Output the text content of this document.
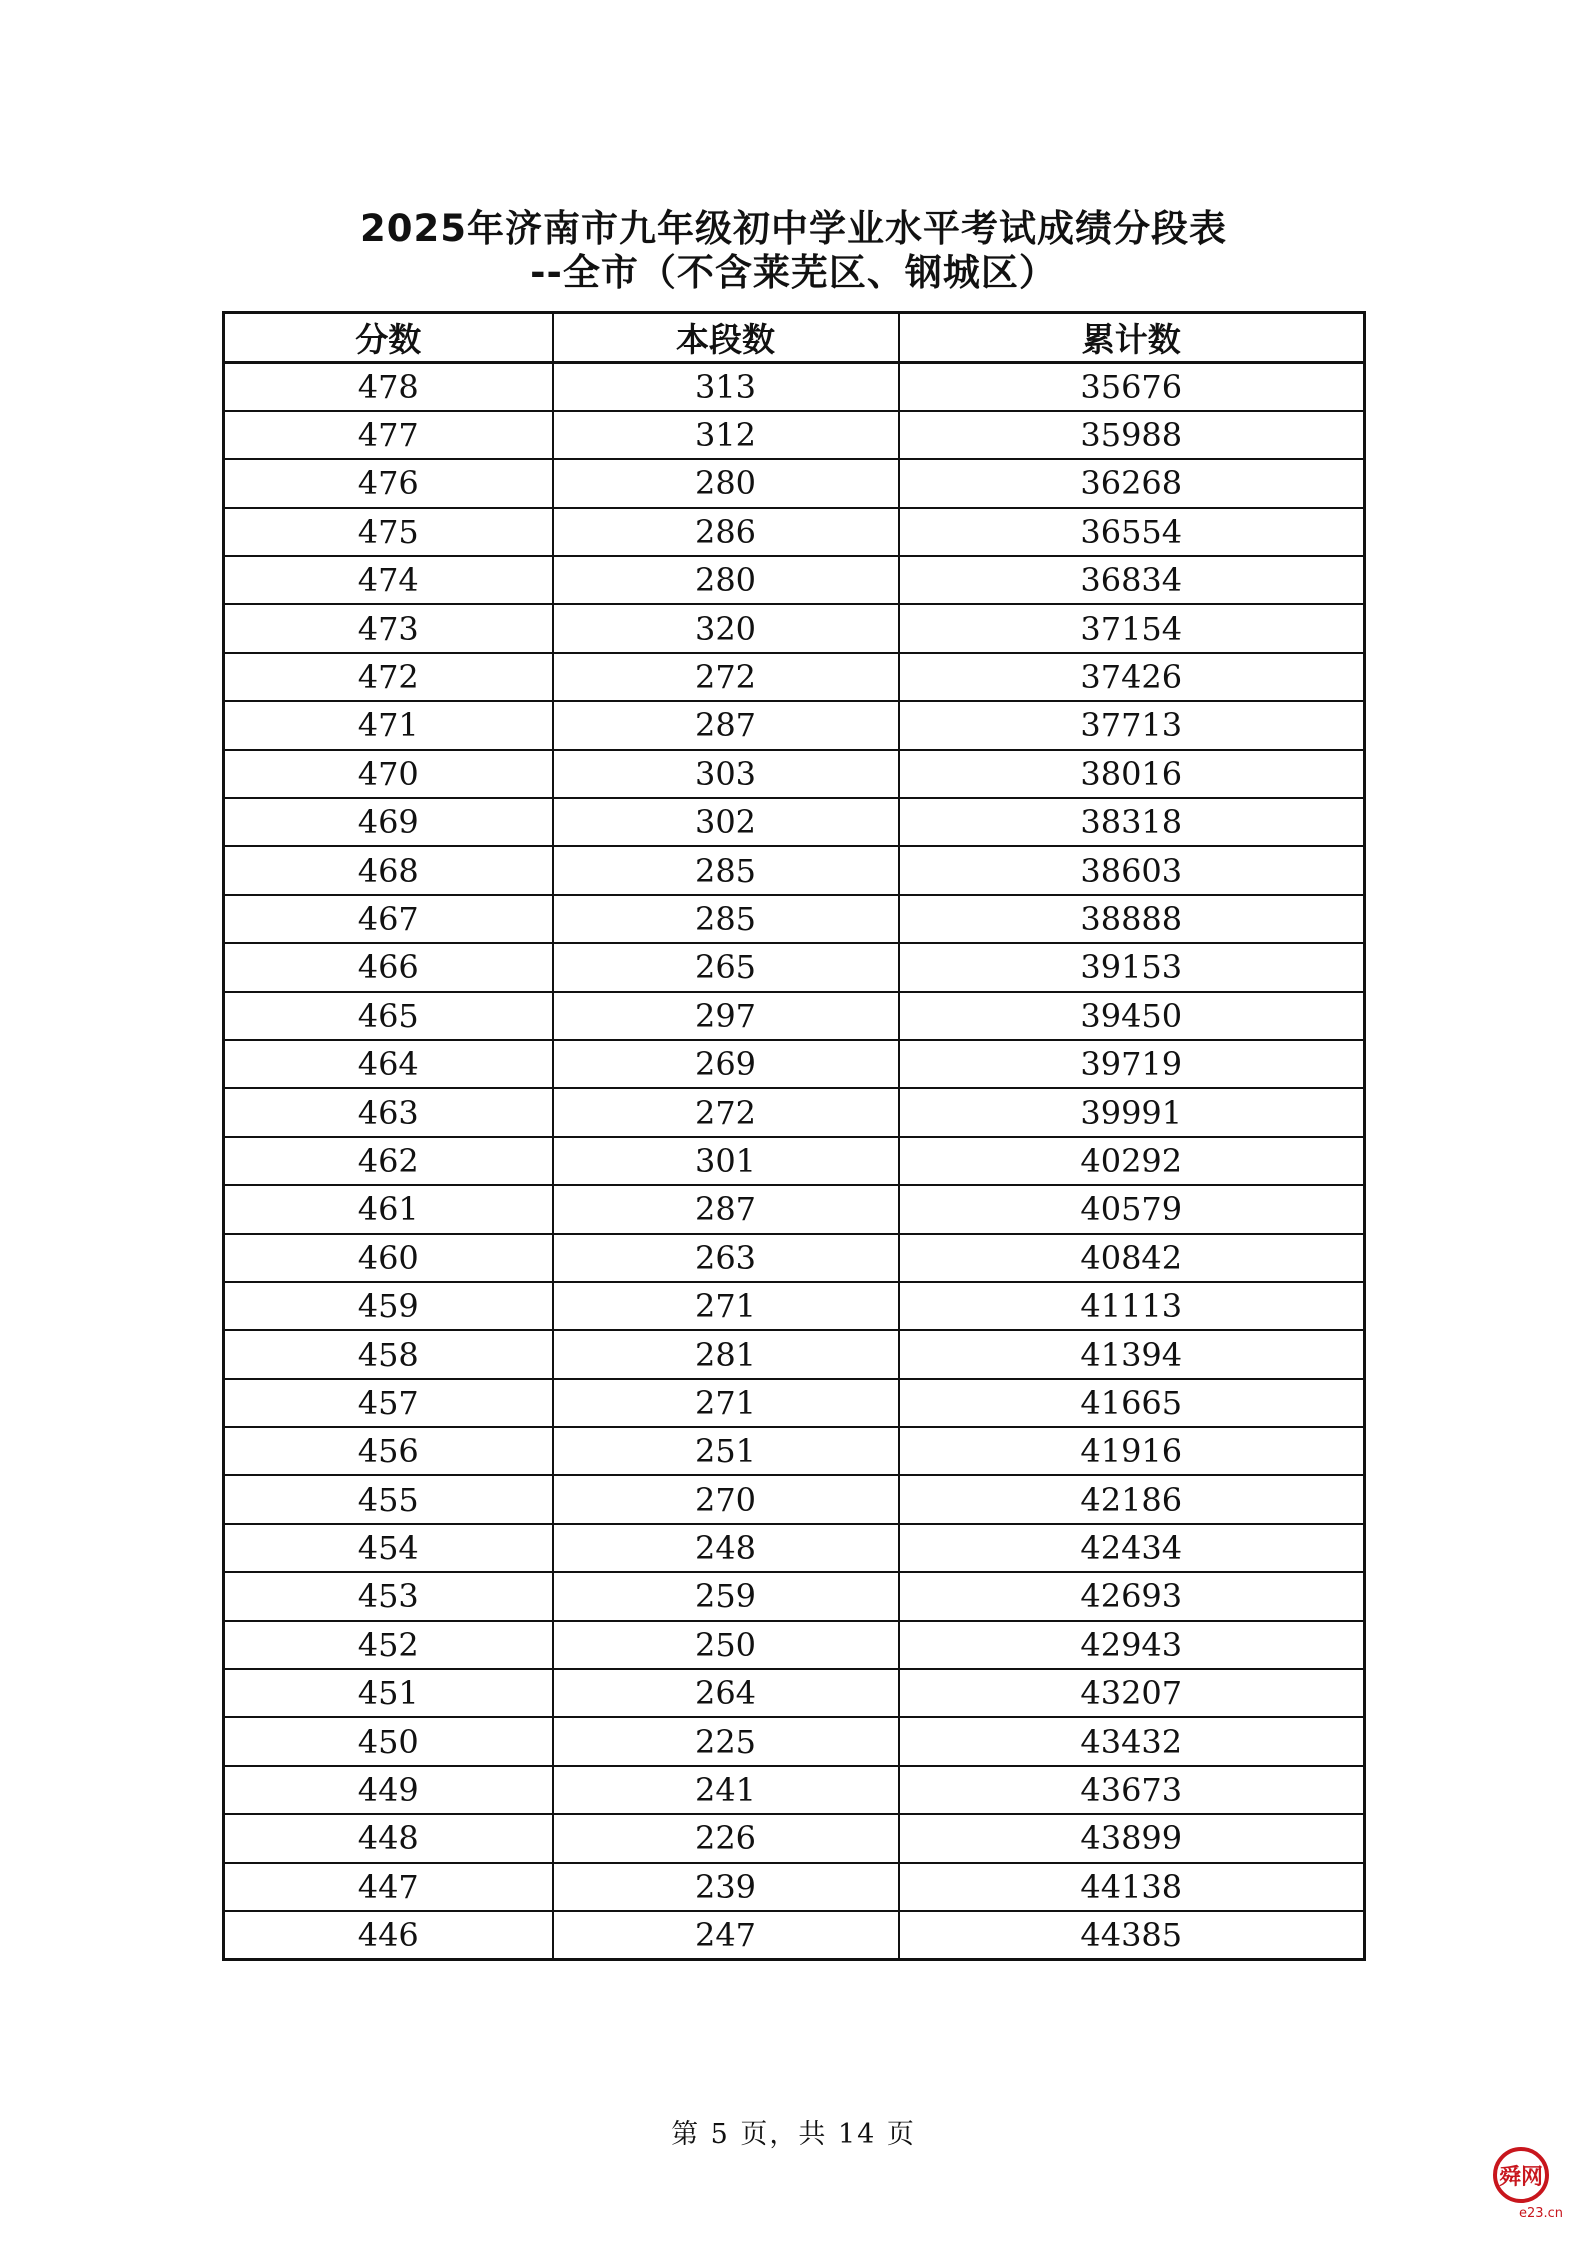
2025年济南市九年级初中学业水平考试成绩分段表
--全市（不含莱芜区、钢城区）
分数	本段数	累计数
478	313	35676
477	312	35988
476	280	36268
475	286	36554
474	280	36834
473	320	37154
472	272	37426
471	287	37713
470	303	38016
469	302	38318
468	285	38603
467	285	38888
466	265	39153
465	297	39450
464	269	39719
463	272	39991
462	301	40292
461	287	40579
460	263	40842
459	271	41113
458	281	41394
457	271	41665
456	251	41916
455	270	42186
454	248	42434
453	259	42693
452	250	42943
451	264	43207
450	225	43432
449	241	43673
448	226	43899
447	239	44138
446	247	44385
第 5 页，共 14 页
舜网
e23.cn
